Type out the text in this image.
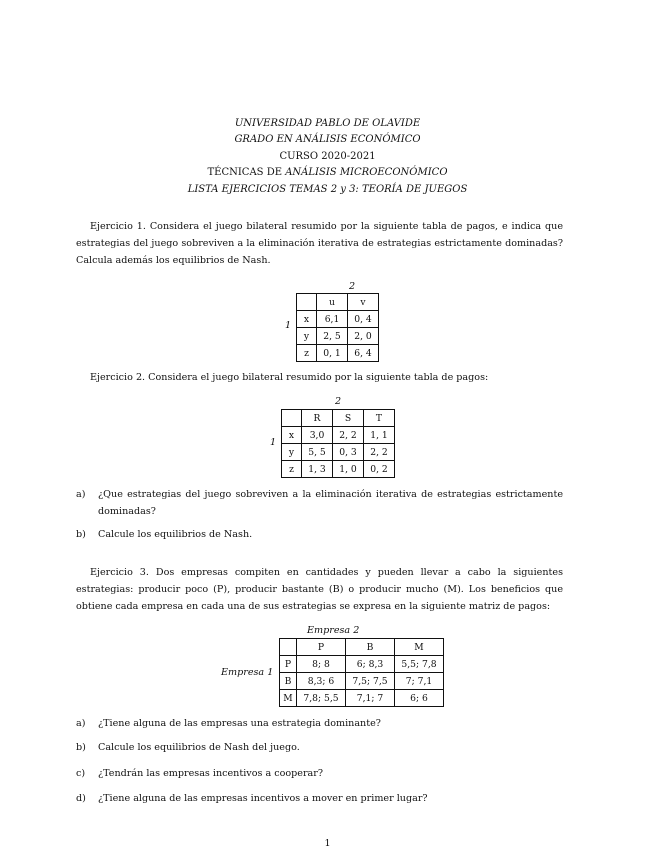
UNIVERSIDAD PABLO DE OLAVIDE
GRADO EN ANÁLISIS ECONÓMICO
CURSO 2020-2021
TÉCNICAS DE ANÁLISIS MICROECONÓMICO
LISTA EJERCICIOS TEMAS 2 y 3: TEORÍA DE JUEGOS
Ejercicio 1. Considera el juego bilateral resumido por la siguiente tabla de pagos, e indica que estrategias del juego sobreviven a la eliminación iterativa de estrategias estrictamente dominadas? Calcula además los equilibrios de Nash.
2
1
	u	v
x	6,1	0, 4
y	2, 5	2, 0
z	0, 1	6, 4
Ejercicio 2. Considera el juego bilateral resumido por la siguiente tabla de pagos:
2
1
	R	S	T
x	3,0	2, 2	1, 1
y	5, 5	0, 3	2, 2
z	1, 3	1, 0	0, 2
a) ¿Que estrategias del juego sobreviven a la eliminación iterativa de estrategias estrictamente dominadas?
b) Calcule los equilibrios de Nash.
Ejercicio 3. Dos empresas compiten en cantidades y pueden llevar a cabo la siguientes estrategias: producir poco (P), producir bastante (B) o producir mucho (M). Los beneficios que obtiene cada empresa en cada una de sus estrategias se expresa en la siguiente matriz de pagos:
Empresa 2
Empresa 1
	P	B	M
P	8; 8	6; 8,3	5,5; 7,8
B	8,3; 6	7,5; 7,5	7; 7,1
M	7,8; 5,5	7,1; 7	6; 6
a) ¿Tiene alguna de las empresas una estrategia dominante?
b) Calcule los equilibrios de Nash del juego.
c) ¿Tendrán las empresas incentivos a cooperar?
d) ¿Tiene alguna de las empresas incentivos a mover en primer lugar?
1
